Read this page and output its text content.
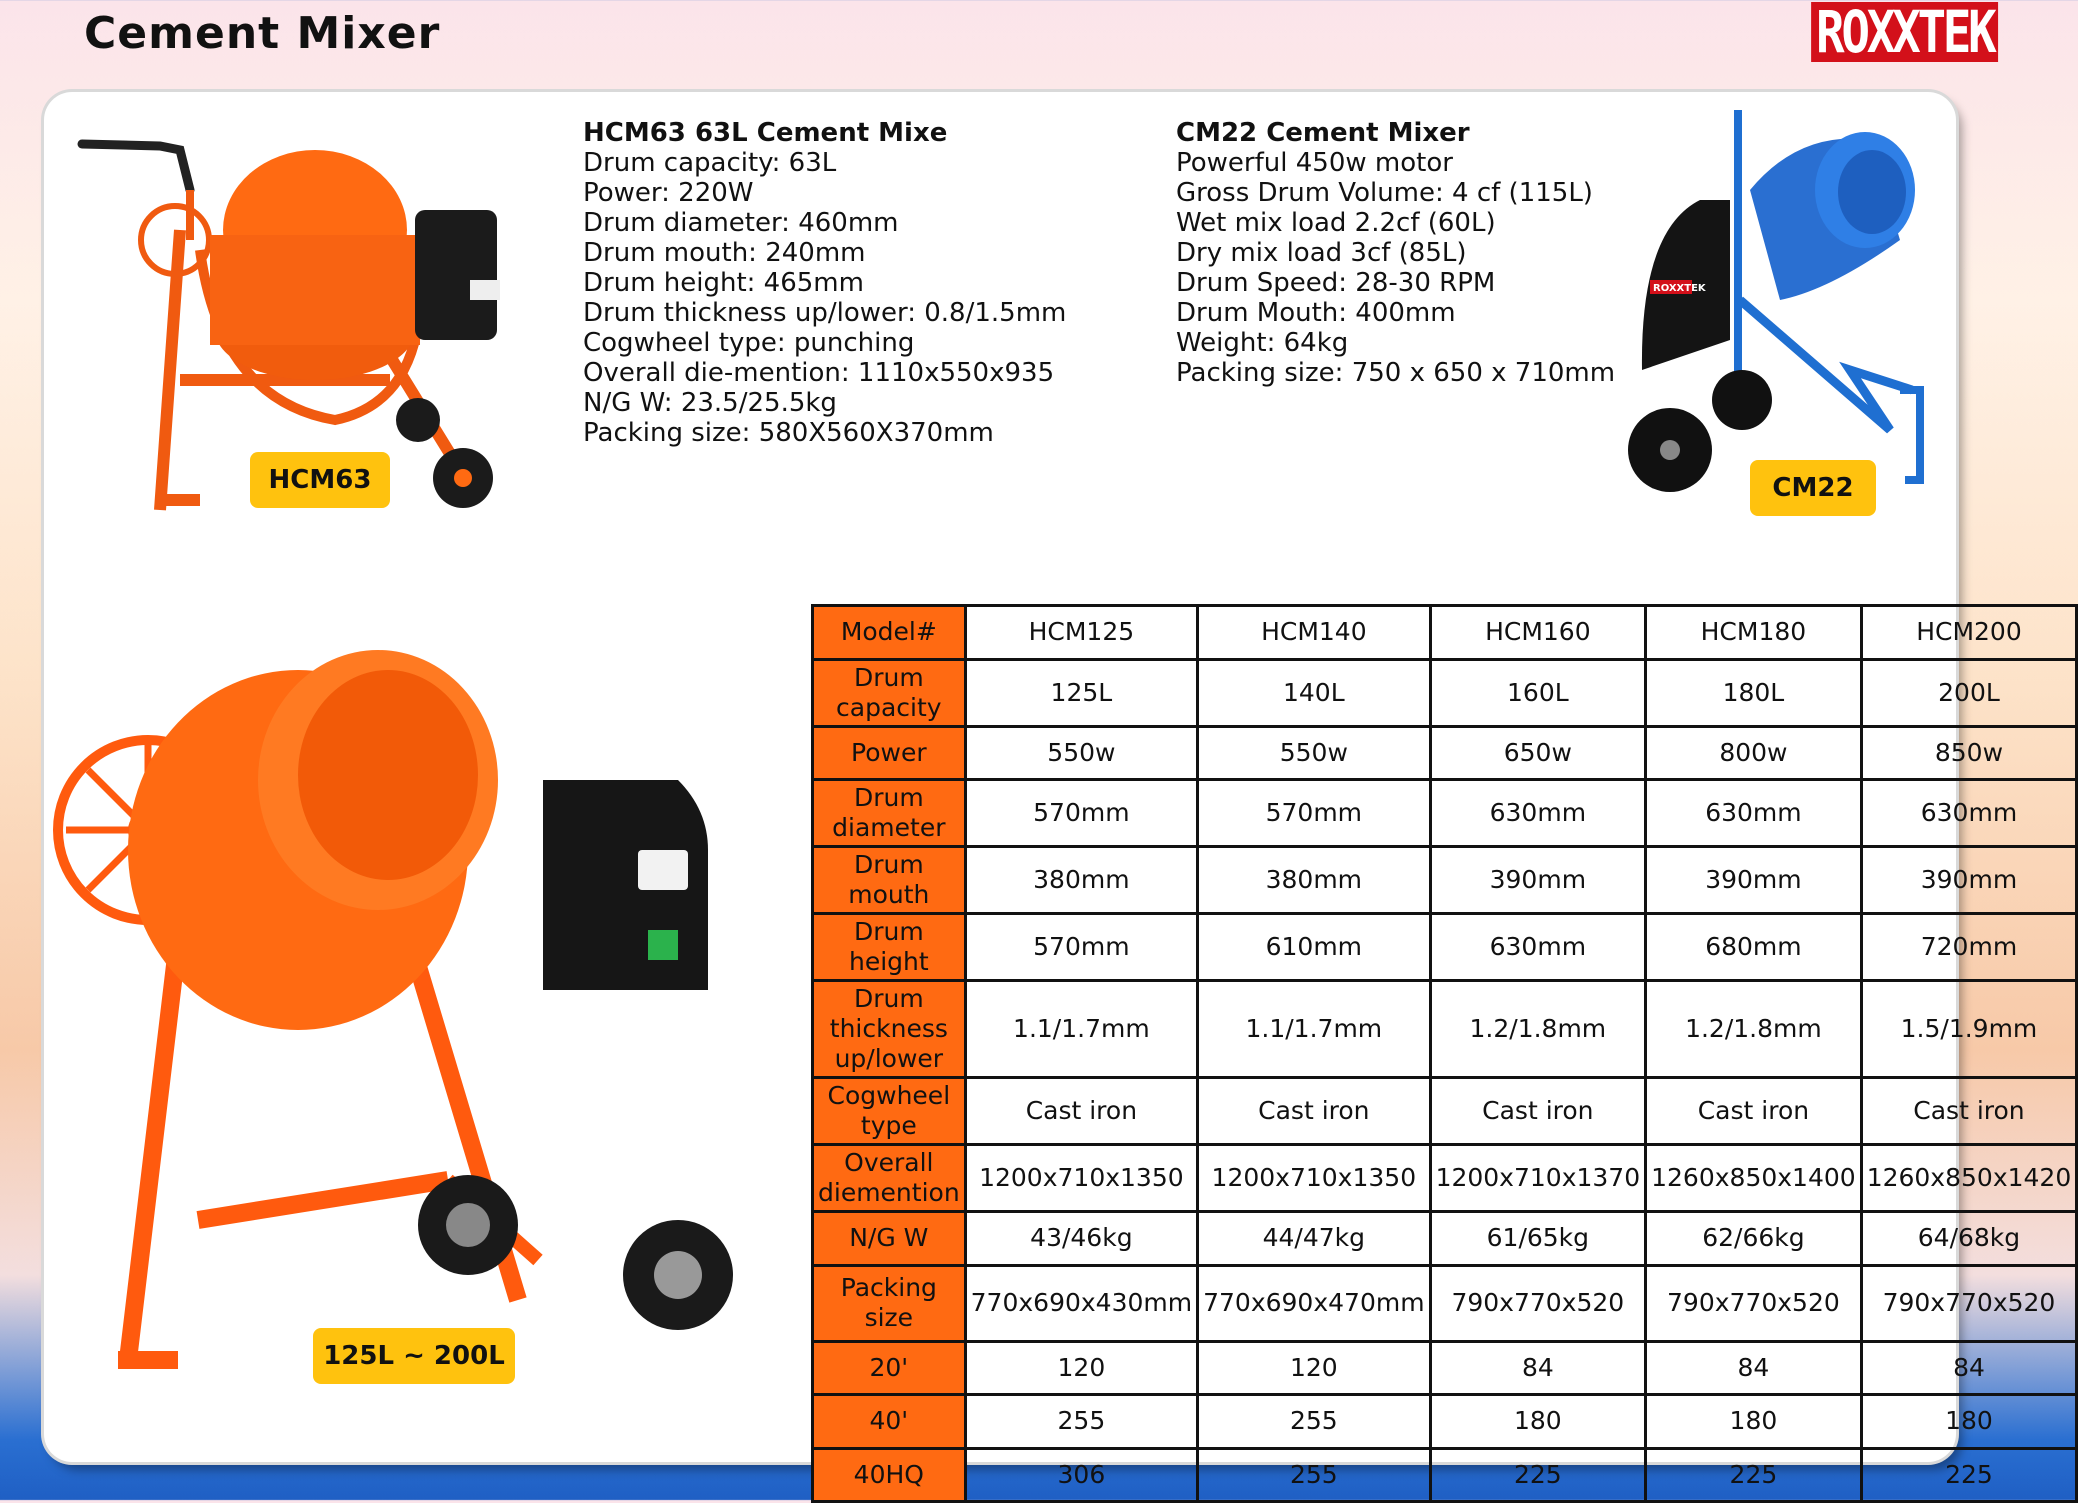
Cement Mixer	ROXXTEK
ROXXTEK
HCM63 63L Cement Mixe
Drum capacity: 63L
Power: 220W
Drum diameter: 460mm
Drum mouth: 240mm
Drum height: 465mm
Drum thickness up/lower: 0.8/1.5mm
Cogwheel type: punching
Overall die-mention: 1110x550x935
N/G W: 23.5/25.5kg
Packing size: 580X560X370mm
CM22 Cement Mixer
Powerful 450w motor
Gross Drum Volume: 4 cf (115L)
Wet mix load 2.2cf (60L)
Dry mix load 3cf (85L)
Drum Speed: 28-30 RPM
Drum Mouth: 400mm
Weight: 64kg
Packing size: 750 x 650 x 710mm
HCM63	CM22
125L ~ 200L
Model#	HCM125	HCM140	HCM160	HCM180	HCM200
Drum capacity	125L	140L	160L	180L	200L
Power	550w	550w	650w	800w	850w
Drum diameter	570mm	570mm	630mm	630mm	630mm
Drum mouth	380mm	380mm	390mm	390mm	390mm
Drum height	570mm	610mm	630mm	680mm	720mm
Drum thickness up/lower	1.1/1.7mm	1.1/1.7mm	1.2/1.8mm	1.2/1.8mm	1.5/1.9mm
Cogwheel type	Cast iron	Cast iron	Cast iron	Cast iron	Cast iron
Overall diemention	1200x710x1350	1200x710x1350	1200x710x1370	1260x850x1400	1260x850x1420
N/G W	43/46kg	44/47kg	61/65kg	62/66kg	64/68kg
Packing size	770x690x430mm	770x690x470mm	790x770x520	790x770x520	790x770x520
20'	120	120	84	84	84
40'	255	255	180	180	180
40HQ	306	255	225	225	225
